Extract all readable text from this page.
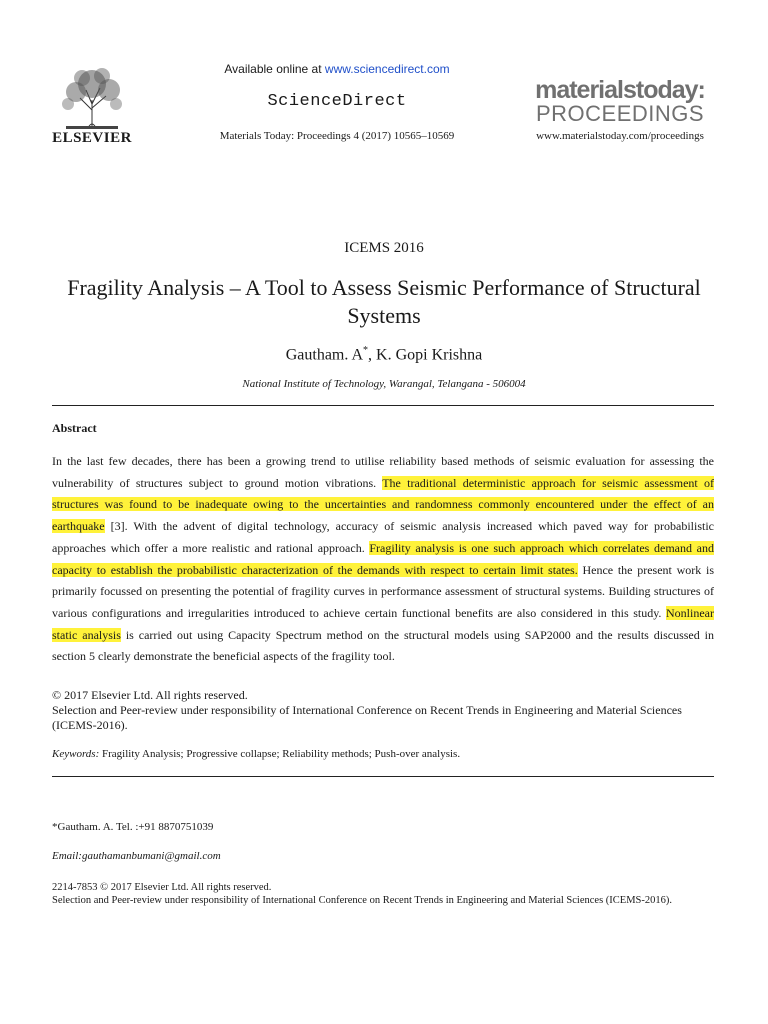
ELSEVIER
Available online at www.sciencedirect.com
ScienceDirect
Materials Today: Proceedings 4 (2017) 10565–10569
materialstoday:
PROCEEDINGS
www.materialstoday.com/proceedings
ICEMS 2016
Fragility Analysis – A Tool to Assess Seismic Performance of Structural Systems
Gautham. A*, K. Gopi Krishna
National Institute of Technology, Warangal, Telangana - 506004
Abstract
In the last few decades, there has been a growing trend to utilise reliability based methods of seismic evaluation for assessing the vulnerability of structures subject to ground motion vibrations. The traditional deterministic approach for seismic assessment of structures was found to be inadequate owing to the uncertainties and randomness commonly encountered under the effect of an earthquake [3]. With the advent of digital technology, accuracy of seismic analysis increased which paved way for probabilistic approaches which offer a more realistic and rational approach. Fragility analysis is one such approach which correlates demand and capacity to establish the probabilistic characterization of the demands with respect to certain limit states. Hence the present work is primarily focussed on presenting the potential of fragility curves in performance assessment of structural systems. Building structures of various configurations and irregularities introduced to achieve certain functional benefits are also considered in this study. Nonlinear static analysis is carried out using Capacity Spectrum method on the structural models using SAP2000 and the results discussed in section 5 clearly demonstrate the beneficial aspects of the fragility tool.
© 2017 Elsevier Ltd. All rights reserved.
Selection and Peer-review under responsibility of International Conference on Recent Trends in Engineering and Material Sciences (ICEMS-2016).
Keywords: Fragility Analysis; Progressive collapse; Reliability methods; Push-over analysis.
*Gautham. A. Tel. :+91 8870751039
Email:gauthamanbumani@gmail.com
2214-7853 © 2017 Elsevier Ltd. All rights reserved.
Selection and Peer-review under responsibility of International Conference on Recent Trends in Engineering and Material Sciences (ICEMS-2016).
